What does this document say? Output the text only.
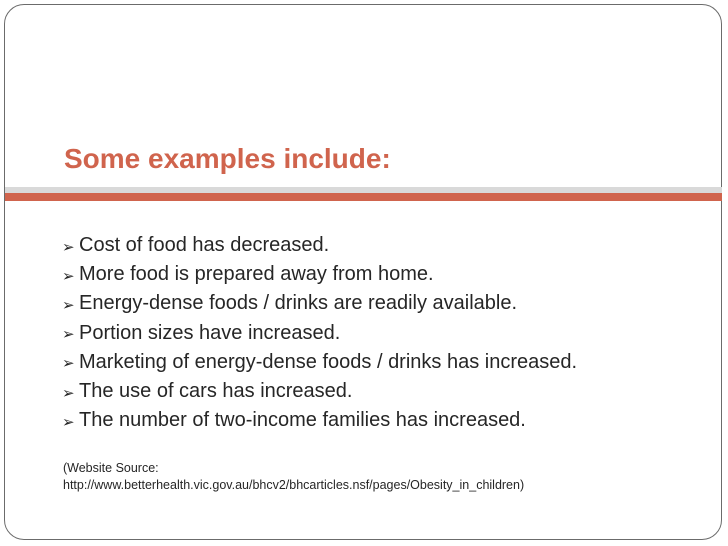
Some examples include:
➢ Cost of food has decreased.
➢ More food is prepared away from home.
➢ Energy-dense foods / drinks are readily available.
➢ Portion sizes have increased.
➢ Marketing of energy-dense foods / drinks has increased.
➢ The use of cars has increased.
➢ The number of two-income families has increased.
(Website Source:
http://www.betterhealth.vic.gov.au/bhcv2/bhcarticles.nsf/pages/Obesity_in_children)
